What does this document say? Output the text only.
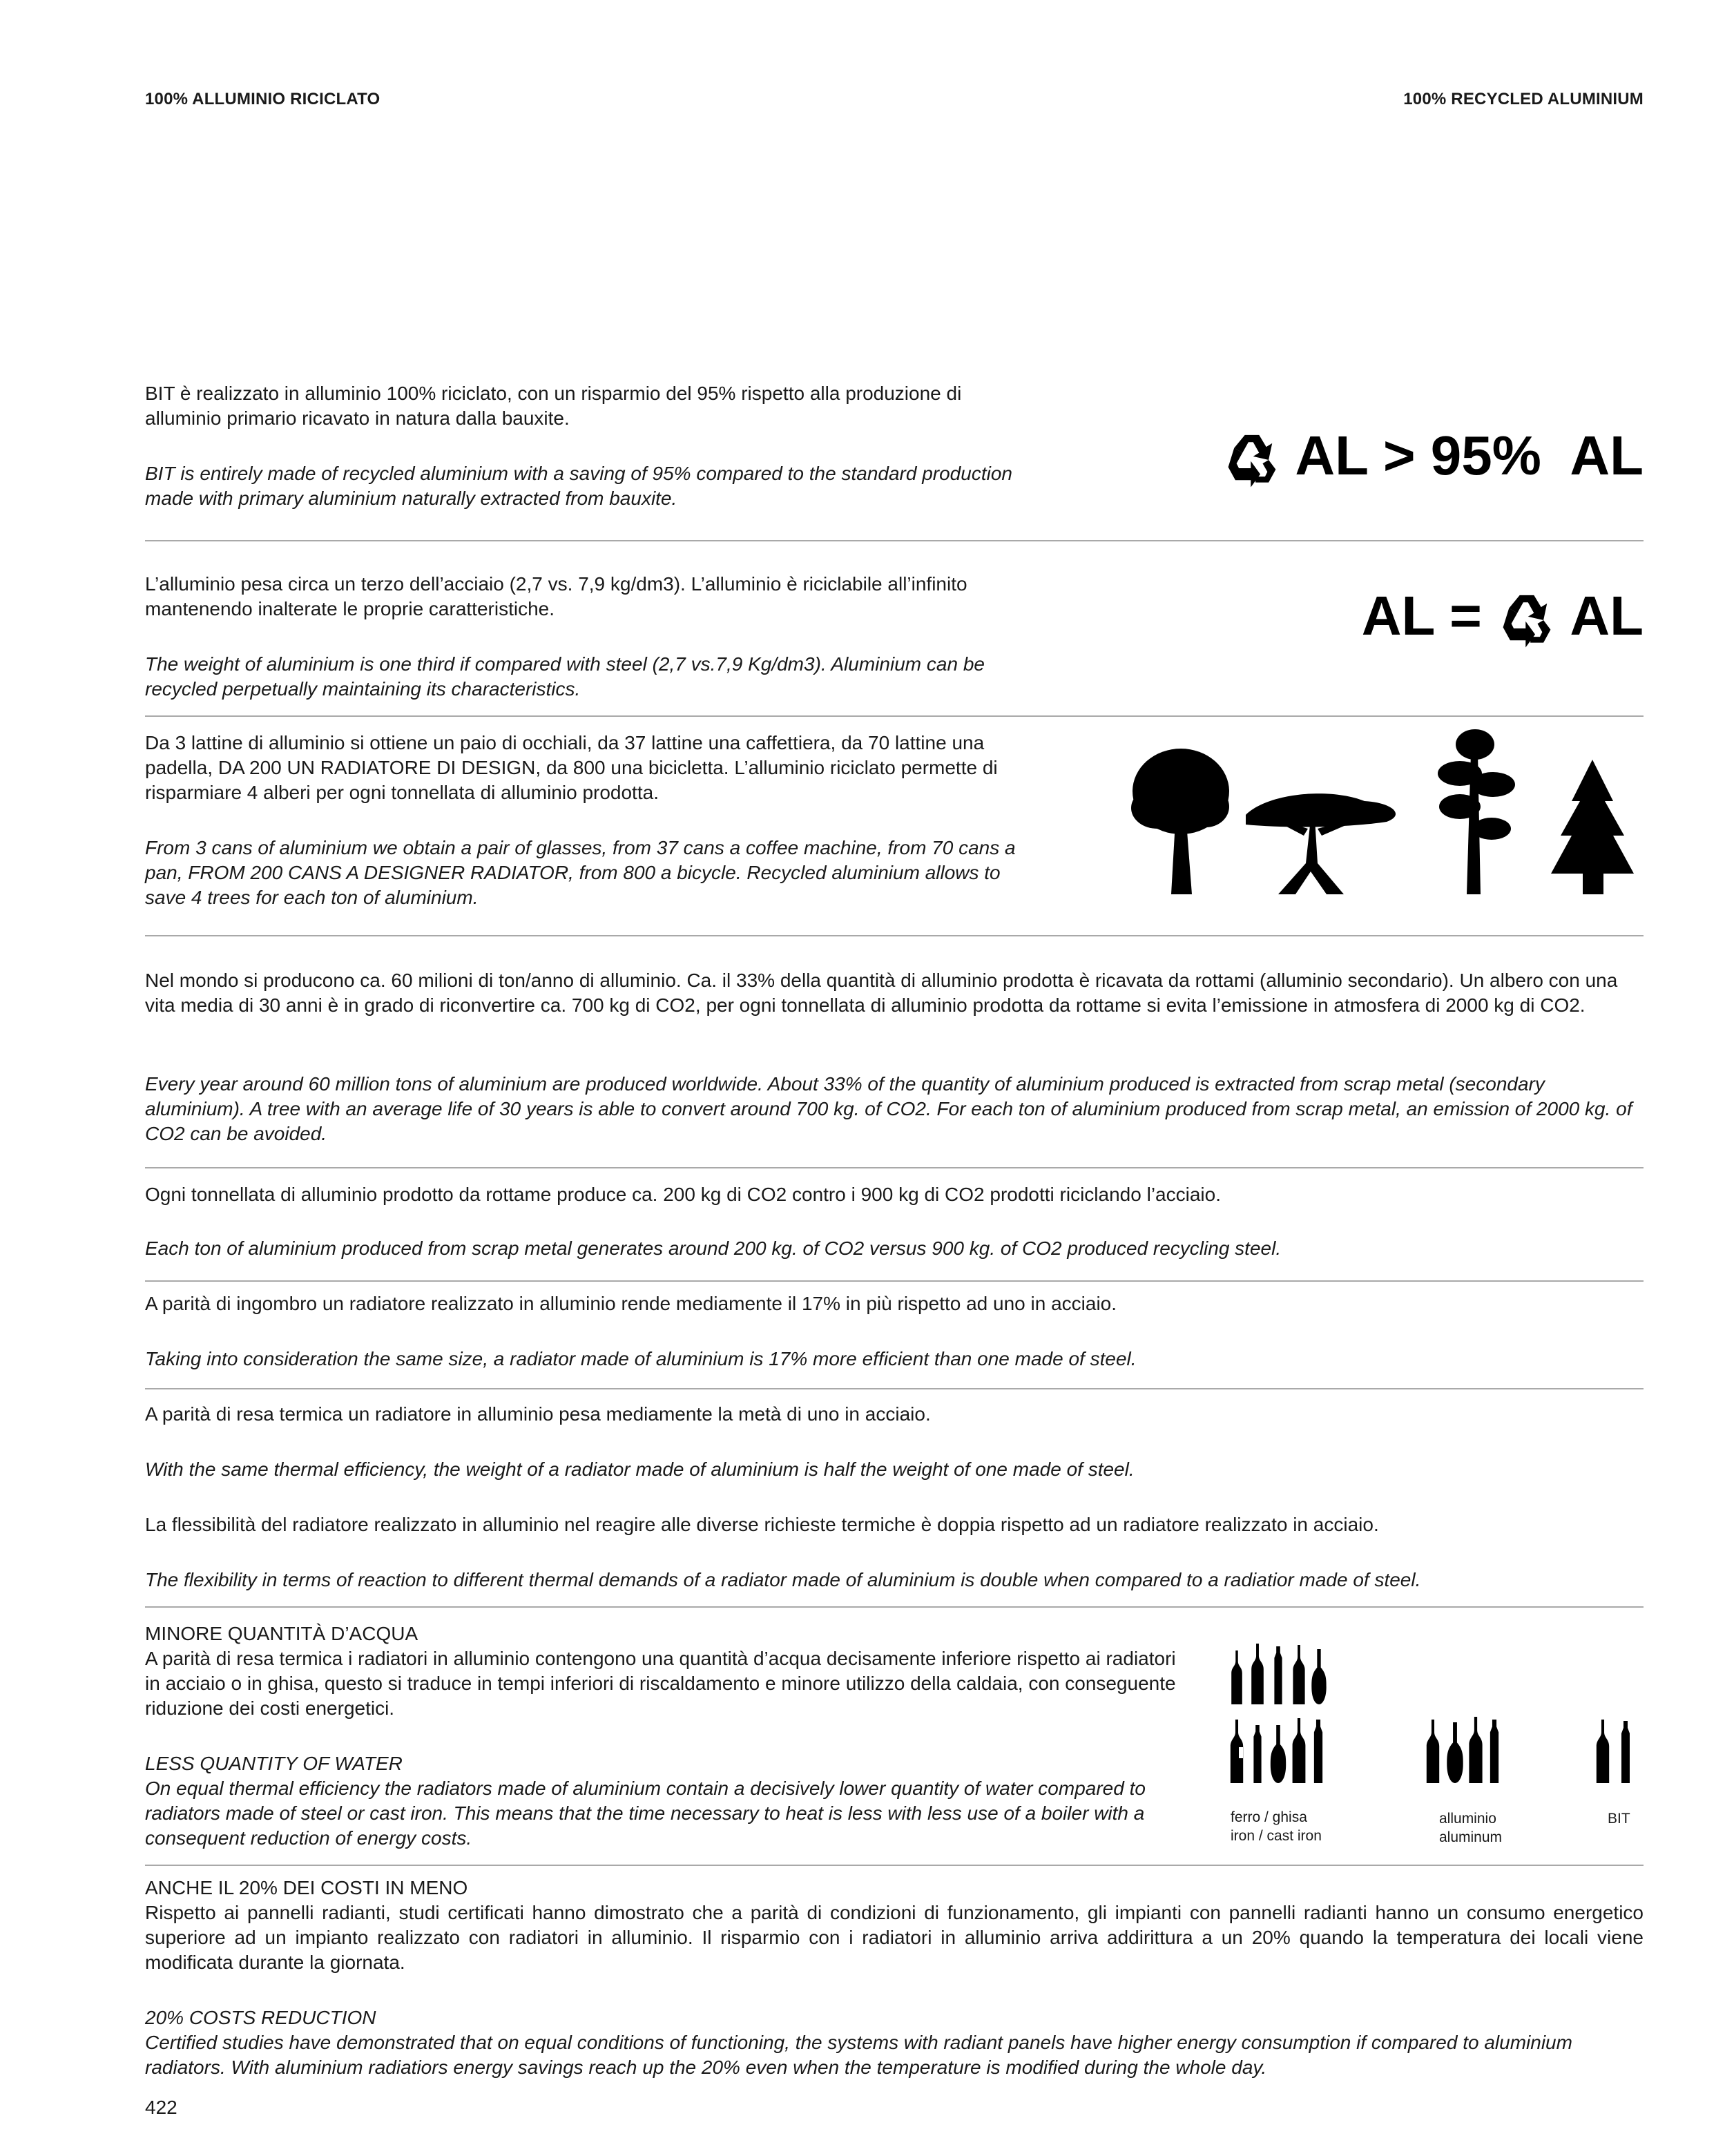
100% ALLUMINIO RICICLATO	100% RECYCLED ALUMINIUM

BIT è realizzato in alluminio 100% riciclato, con un risparmio del 95% rispetto alla produzione di alluminio primario ricavato in natura dalla bauxite.

BIT is entirely made of recycled aluminium with a saving of 95% compared to the standard production made with primary aluminium naturally extracted from bauxite.

AL > 95% AL

L’alluminio pesa circa un terzo dell’acciaio (2,7 vs. 7,9 kg/dm3). L’alluminio è riciclabile all’infinito mantenendo inalterate le proprie caratteristiche.

The weight of aluminium is one third if compared with steel (2,7 vs.7,9 Kg/dm3). Aluminium can be recycled perpetually maintaining its characteristics.

AL = AL

Da 3 lattine di alluminio si ottiene un paio di occhiali, da 37 lattine una caffettiera, da 70 lattine una padella, DA 200 UN RADIATORE DI DESIGN, da 800 una bicicletta. L’alluminio riciclato permette di risparmiare 4 alberi per ogni tonnellata di alluminio prodotta.

From 3 cans of aluminium we obtain a pair of glasses, from 37 cans a coffee machine, from 70 cans a pan, FROM 200 CANS A DESIGNER RADIATOR, from 800 a bicycle. Recycled aluminium allows to save 4 trees for each ton of aluminium.

Nel mondo si producono ca. 60 milioni di ton/anno di alluminio. Ca. il 33% della quantità di alluminio prodotta è ricavata da rottami (alluminio secondario). Un albero con una vita media di 30 anni è in grado di riconvertire ca. 700 kg di CO2, per ogni tonnellata di alluminio prodotta da rottame si evita l’emissione in atmosfera di 2000 kg di CO2.

Every year around 60 million tons of aluminium are produced worldwide. About 33% of the quantity of aluminium produced is extracted from scrap metal (secondary aluminium). A tree with an average life of 30 years is able to convert around 700 kg. of CO2. For each ton of aluminium produced from scrap metal, an emission of 2000 kg. of CO2 can be avoided.

Ogni tonnellata di alluminio prodotto da rottame produce ca. 200 kg di CO2 contro i 900 kg di CO2 prodotti riciclando l’acciaio.

Each ton of aluminium produced from scrap metal generates around 200 kg. of CO2 versus 900 kg. of CO2 produced recycling steel.

A parità di ingombro un radiatore realizzato in alluminio rende mediamente il 17% in più rispetto ad uno in acciaio.

Taking into consideration the same size, a radiator made of aluminium is 17% more efficient than one made of steel.

A parità di resa termica un radiatore in alluminio pesa mediamente la metà di uno in acciaio.

With the same thermal efficiency, the weight of a radiator made of aluminium is half the weight of one made of steel.

La flessibilità del radiatore realizzato in alluminio nel reagire alle diverse richieste termiche è doppia rispetto ad un radiatore realizzato in acciaio.

The flexibility in terms of reaction to different thermal demands of a radiator made of aluminium is double when compared to a radiatior made of steel.

MINORE QUANTITÀ D’ACQUA

A parità di resa termica i radiatori in alluminio contengono una quantità d’acqua decisamente inferiore rispetto ai radiatori in acciaio o in ghisa, questo si traduce in tempi inferiori di riscaldamento e minore utilizzo della caldaia, con conseguente riduzione dei costi energetici.

LESS QUANTITY OF WATER

On equal thermal efficiency the radiators made of aluminium contain a decisively lower quantity of water compared to radiators made of steel or cast iron. This means that the time necessary to heat is less with less use of a boiler with a consequent reduction of energy costs.

ferro / ghisa
iron / cast iron
alluminio
aluminum
BIT

ANCHE IL 20% DEI COSTI IN MENO

Rispetto ai pannelli radianti, studi certificati hanno dimostrato che a parità di condizioni di funzionamento, gli impianti con pannelli radianti hanno un consumo energetico superiore ad un impianto realizzato con radiatori in alluminio. Il risparmio con i radiatori in alluminio arriva addirittura a un 20% quando la temperatura dei locali viene modificata durante la giornata.

20% COSTS REDUCTION

Certified studies have demonstrated that on equal conditions of functioning, the systems with radiant panels have higher energy consumption if compared to aluminium radiators. With aluminium radiatiors energy savings reach up the 20% even when the temperature is modified during the whole day.

422
